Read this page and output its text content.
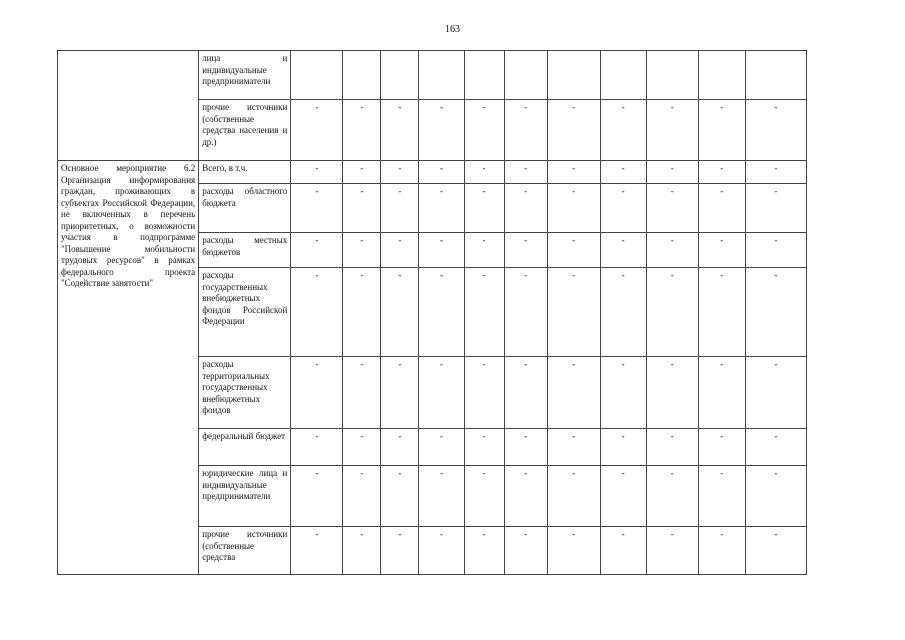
163
	лица и индивидуальные предприниматели											
	прочие источники (собственные средства населения и др.)	-	-	-	-	-	-	-	-	-	-	-
Основное мероприятие 6.2 Организация информирования граждан, проживающих в субъектах Российской Федерации, не включенных в перечень приоритетных, о возможности участия в подпрограмме "Повышение мобильности трудовых ресурсов" в рамках федерального проекта "Содействие занятости"	Всего, в т.ч.	-	-	-	-	-	-	-	-	-	-	-
	расходы областного бюджета	-	-	-	-	-	-	-	-	-	-	-
	расходы местных бюджетов	-	-	-	-	-	-	-	-	-	-	-
	расходы государственных внебюджетных фондов Российской Федерации	-	-	-	-	-	-	-	-	-	-	-
	расходы территориальных государственных внебюджетных фондов	-	-	-	-	-	-	-	-	-	-	-
	федеральный бюджет	-	-	-	-	-	-	-	-	-	-	-
	юридические лица и индивидуальные предприниматели	-	-	-	-	-	-	-	-	-	-	-
	прочие источники (собственные средства	-	-	-	-	-	-	-	-	-	-	-
